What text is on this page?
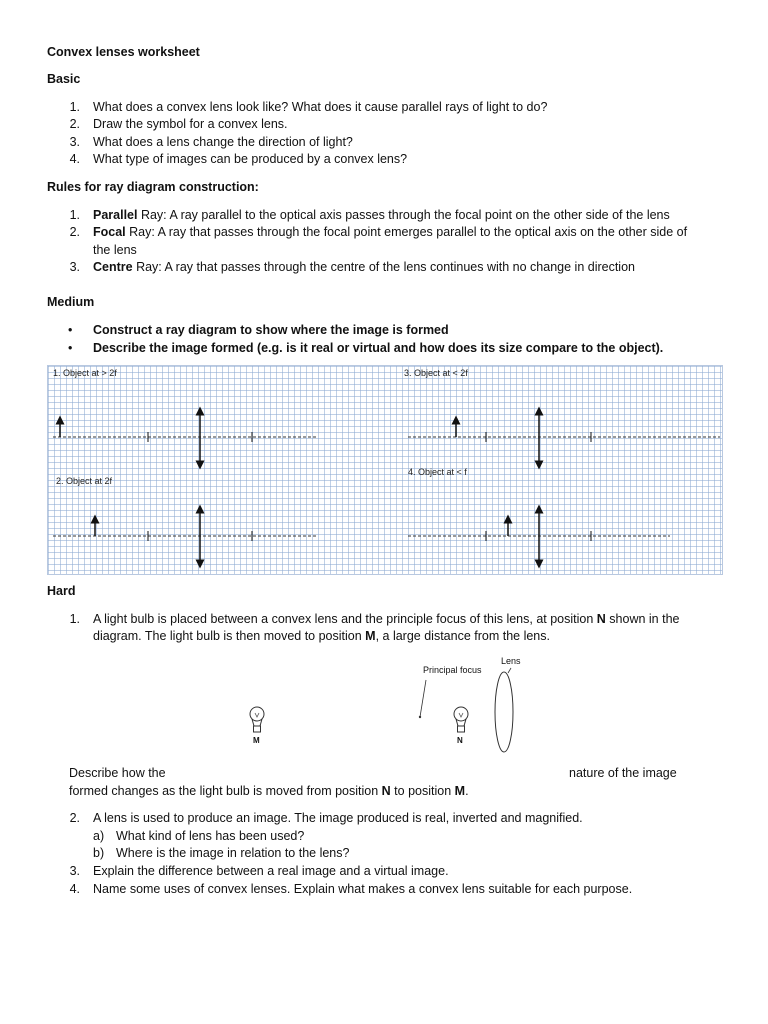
Convex lenses worksheet
Basic
1. What does a convex lens look like? What does it cause parallel rays of light to do?
2. Draw the symbol for a convex lens.
3. What does a lens change the direction of light?
4. What type of images can be produced by a convex lens?
Rules for ray diagram construction:
1. Parallel Ray: A ray parallel to the optical axis passes through the focal point on the other side of the lens
2. Focal Ray: A ray that passes through the focal point emerges parallel to the optical axis on the other side of
the lens
3. Centre Ray: A ray that passes through the centre of the lens continues with no change in direction
Medium
• Construct a ray diagram to show where the image is formed
• Describe the image formed (e.g. is it real or virtual and how does its size compare to the object).
1. Object at > 2f
2. Object at 2f
3. Object at < 2f
4. Object at < f
Hard
1. A light bulb is placed between a convex lens and the principle focus of this lens, at position N shown in the
diagram. The light bulb is then moved to position M, a large distance from the lens.
Principal focus
Lens
M	N
Describe how the	nature of the image
formed changes as the light bulb is moved from position N to position M.
2. A lens is used to produce an image. The image produced is real, inverted and magnified.
a) What kind of lens has been used?
b) Where is the image in relation to the lens?
3. Explain the difference between a real image and a virtual image.
4. Name some uses of convex lenses. Explain what makes a convex lens suitable for each purpose.
